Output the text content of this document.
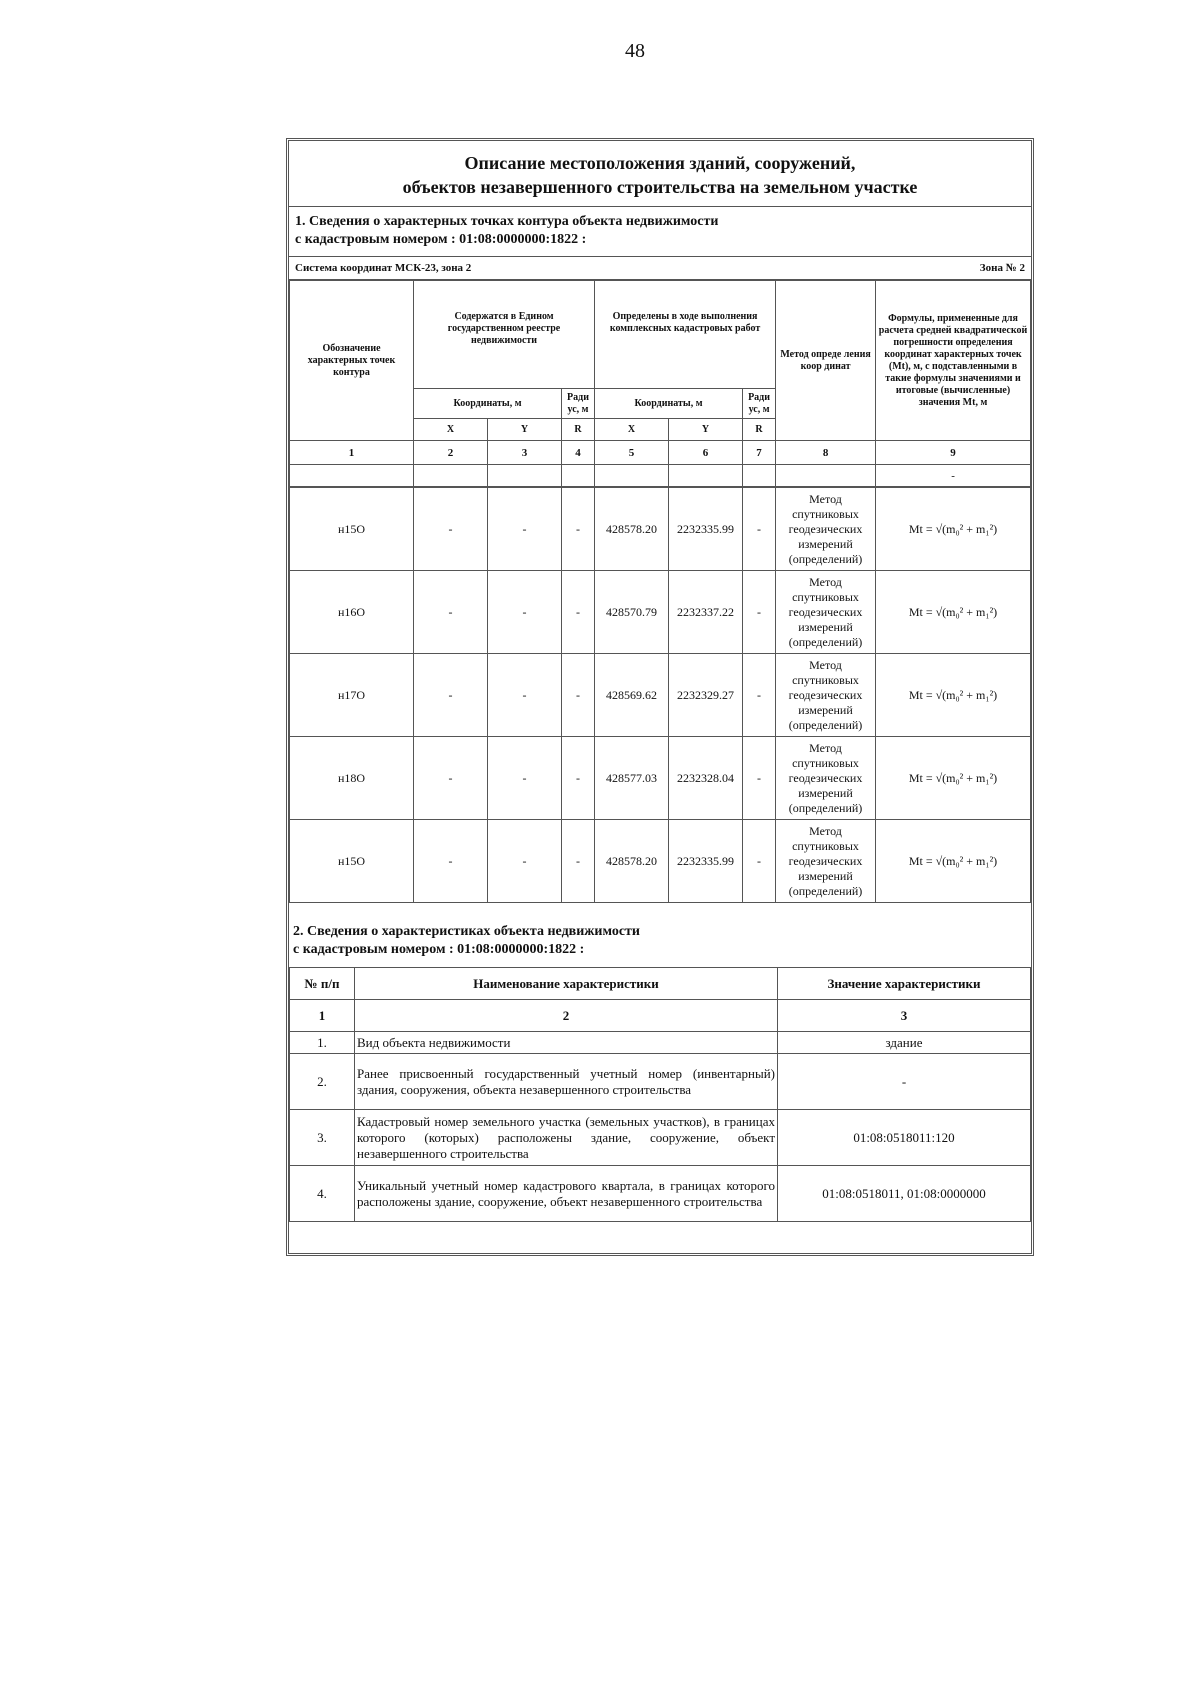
48
Описание местоположения зданий, сооружений,
объектов незавершенного строительства на земельном участке
1. Сведения о характерных точках контура объекта недвижимости
с кадастровым номером : 01:08:0000000:1822 :
Система координат МСК-23, зона 2	Зона № 2
Обозначение характерных точек контура	Содержатся в Едином государственном реестре недвижимости			Определены в ходе выполнения комплексных кадастровых работ			Метод опреде ления коор динат	Формулы, примененные для расчета средней квадратической погрешности определения координат характерных точек (Mt), м, с подставленными в такие формулы значениями и итоговые (вычисленные) значения Mt, м
	Координаты, м		Ради ус, м	Координаты, м		Ради ус, м		
	X	Y	R	X	Y	R		
1	2	3	4	5	6	7	8	9
								-
н15О	-	-	-	428578.20	2232335.99	-	Метод спутниковых геодезических измерений (определений)	Mt = √(m₀² + m₁²)
н16О	-	-	-	428570.79	2232337.22	-	Метод спутниковых геодезических измерений (определений)	Mt = √(m₀² + m₁²)
н17О	-	-	-	428569.62	2232329.27	-	Метод спутниковых геодезических измерений (определений)	Mt = √(m₀² + m₁²)
н18О	-	-	-	428577.03	2232328.04	-	Метод спутниковых геодезических измерений (определений)	Mt = √(m₀² + m₁²)
н15О	-	-	-	428578.20	2232335.99	-	Метод спутниковых геодезических измерений (определений)	Mt = √(m₀² + m₁²)
2. Сведения о характеристиках объекта недвижимости
с кадастровым номером : 01:08:0000000:1822 :
№ п/п	Наименование характеристики	Значение характеристики
1	2	3
1.	Вид объекта недвижимости	здание
2.	Ранее присвоенный государственный учетный номер (инвентарный) здания, сооружения, объекта незавершенного строительства	-
3.	Кадастровый номер земельного участка (земельных участков), в границах которого (которых) расположены здание, сооружение, объект незавершенного строительства	01:08:0518011:120
4.	Уникальный учетный номер кадастрового квартала, в границах которого расположены здание, сооружение, объект незавершенного строительства	01:08:0518011, 01:08:0000000
